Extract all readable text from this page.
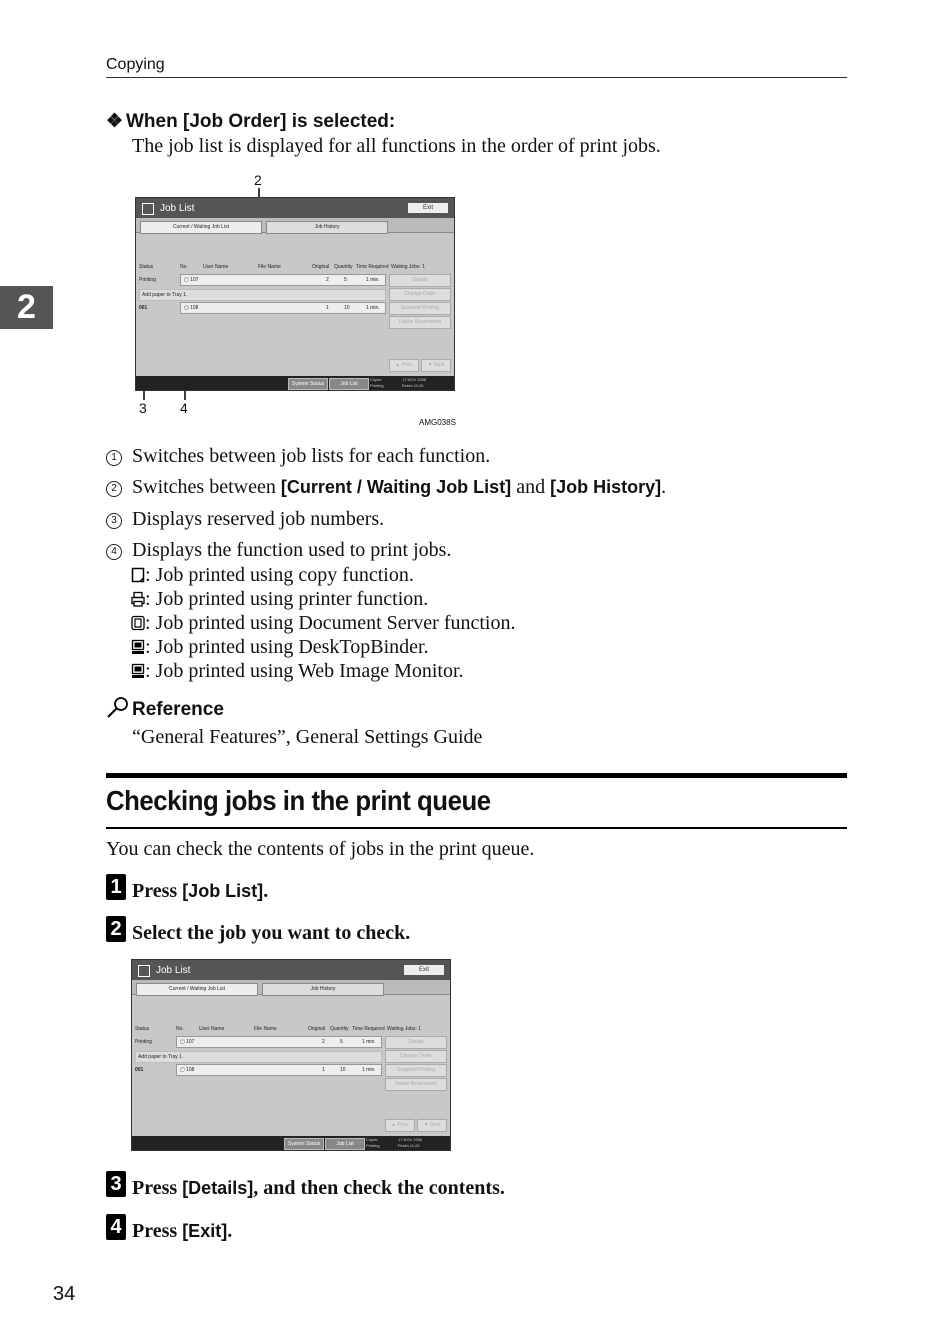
Copying
2
❖ When [Job Order] is selected:
The job list is displayed for all functions in the order of print jobs.
2
Job List	Exit
Current / Waiting Job List	Job History
Status	No.	User Name	File Name	Original Quantity Time Required Waiting Jobs: 1
Printing	▢ 107	2	5	1 min.
Add paper to Tray 1.
001	▢ 108	1	10	1 min.
Details
Change Order
Suspend Printing
Delete Reservation
▲ Prev.	▼ Next
System Status	Job List
Copier
Printing
17 NOV 2006
Finish 11:26
3 4
AMG038S
1 Switches between job lists for each function.
2 Switches between [Current / Waiting Job List] and [Job History].
3 Displays reserved job numbers.
4 Displays the function used to print jobs.
: Job printed using copy function.
: Job printed using printer function.
: Job printed using Document Server function.
: Job printed using DeskTopBinder.
: Job printed using Web Image Monitor.
Reference
“General Features”, General Settings Guide
Checking jobs in the print queue
You can check the contents of jobs in the print queue.
1 Press [Job List].
2 Select the job you want to check.
Job List	Exit
Current / Waiting Job List	Job History
Status	No.	User Name	File Name	Original Quantity Time Required Waiting Jobs: 1
Printing	▢ 107	2	5	1 min.
Add paper to Tray 1.
001	▢ 108	1	10	1 min.
Details
Change Order
Suspend Printing
Delete Reservation
▲ Prev.	▼ Next
System Status	Job List
Copier
Printing
17 NOV 2006
Finish 11:26
3 Press [Details], and then check the contents.
4 Press [Exit].
34
